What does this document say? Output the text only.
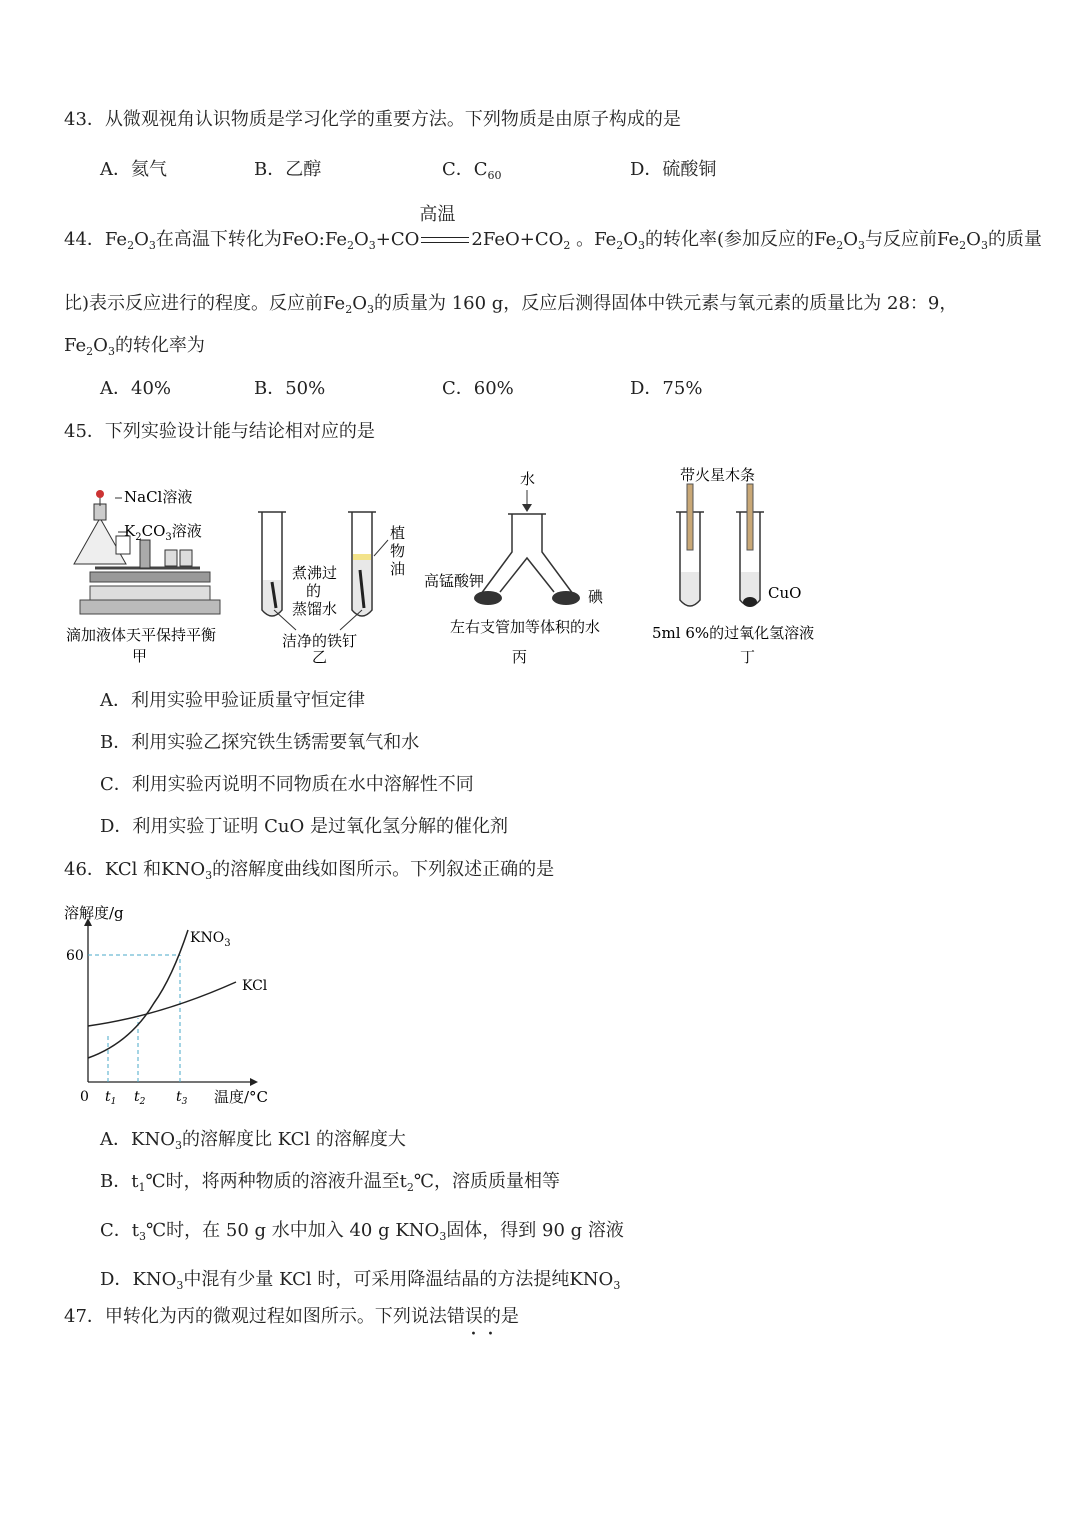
43．从微观视角认识物质是学习化学的重要方法。下列物质是由原子构成的是
A．氦气	B．乙醇	C．$C_{60}$	D．硫酸铜
44．$Fe_2O_3$在高温下转化为$FeO:Fe_2O_3+CO$
高温
$2FeO+CO_2$ 。$Fe_2O_3$的转化率(参加反应的$Fe_2O_3$与反应前$Fe_2O_3$的质量
比)表示反应进行的程度。反应前$Fe_2O_3$的质量为 160 g，反应后测得固体中铁元素与氧元素的质量比为 28：9，
$Fe_2O_3$的转化率为
A．40%	B．50%	C．60%	D．75%
45．下列实验设计能与结论相对应的是
NaCl溶液
$K_2CO_3$溶液
滴加液体天平保持平衡
甲
煮沸过
的
蒸馏水
植
物
油
洁净的铁钉
乙
水
高锰酸钾
碘
左右支管加等体积的水
丙
带火星木条
CuO
5ml 6%的过氧化氢溶液
丁
A．利用实验甲验证质量守恒定律
B．利用实验乙探究铁生锈需要氧气和水
C．利用实验丙说明不同物质在水中溶解性不同
D．利用实验丁证明 CuO 是过氧化氢分解的催化剂
46．KCl 和$KNO_3$的溶解度曲线如图所示。下列叙述正确的是
溶解度/g
温度/°C
0
60
$KNO_3$
KCl
$t_1$ $t_2$ $t_3$
A．$KNO_3$的溶解度比 KCl 的溶解度大
B．$t_1℃$时，将两种物质的溶液升温至$t_2℃$，溶质质量相等
C．$t_3℃$时，在 50 g 水中加入 40 g $KNO_3$固体，得到 90 g 溶液
D．$KNO_3$中混有少量 KCl 时，可采用降温结晶的方法提纯$KNO_3$
47．甲转化为丙的微观过程如图所示。下列说法错误的是
··
